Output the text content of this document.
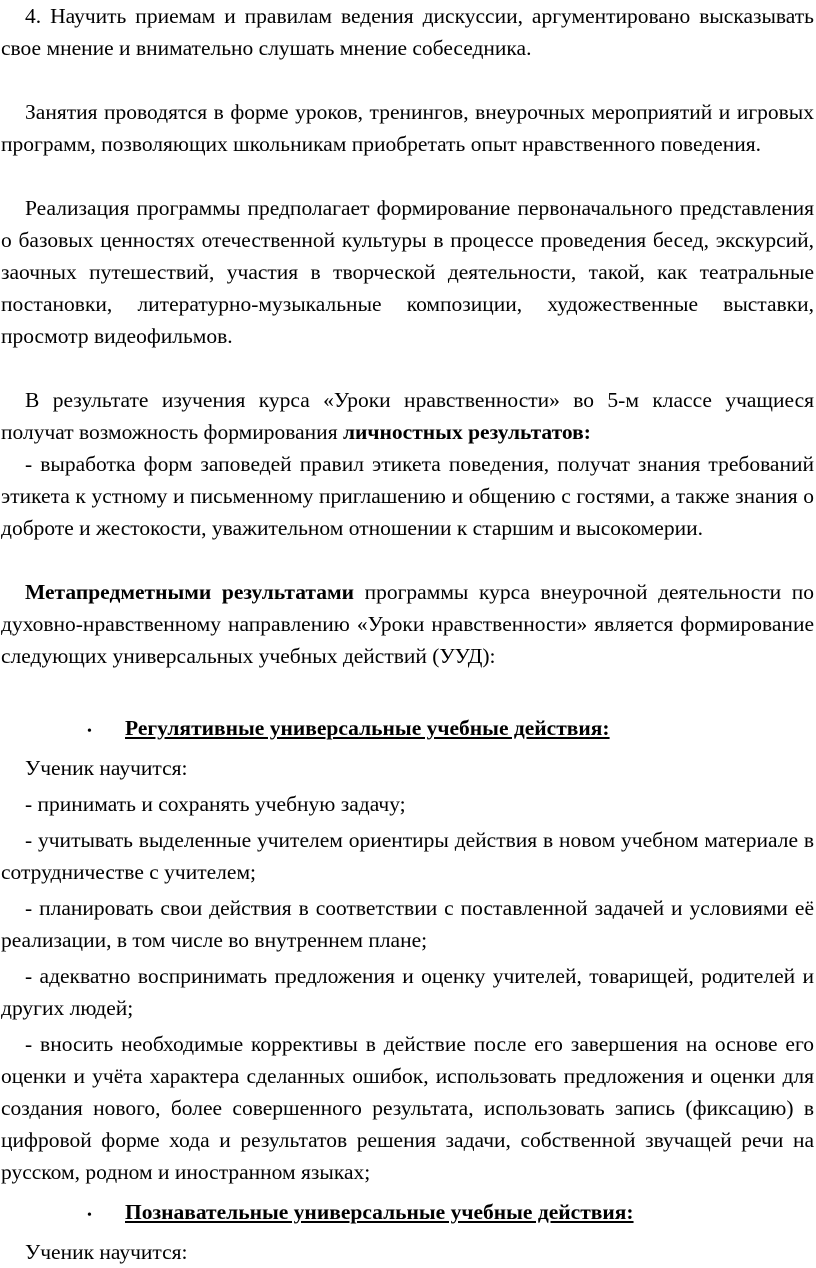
4. Научить приемам и правилам ведения дискуссии, аргументировано высказывать свое мнение и внимательно слушать мнение собеседника.

Занятия проводятся в форме уроков, тренингов, внеурочных мероприятий и игровых программ, позволяющих школьникам приобретать опыт нравственного поведения.

Реализация программы предполагает формирование первоначального представления о базовых ценностях отечественной культуры в процессе проведения бесед, экскурсий, заочных путешествий, участия в творческой деятельности, такой, как театральные постановки, литературно-музыкальные композиции, художественные выставки, просмотр видеофильмов.

В результате изучения курса «Уроки нравственности» во 5-м классе учащиеся получат возможность формирования личностных результатов:

- выработка форм заповедей правил этикета поведения, получат знания требований этикета к устному и письменному приглашению и общению с гостями, а также знания о доброте и жестокости, уважительном отношении к старшим и высокомерии.

Метапредметными результатами программы курса внеурочной деятельности по духовно-нравственному направлению «Уроки нравственности» является формирование следующих универсальных учебных действий (УУД):

•	Регулятивные универсальные учебные действия:

Ученик научится:

- принимать и сохранять учебную задачу;

- учитывать выделенные учителем ориентиры действия в новом учебном материале в сотрудничестве с учителем;

- планировать свои действия в соответствии с поставленной задачей и условиями её реализации, в том числе во внутреннем плане;

- адекватно воспринимать предложения и оценку учителей, товарищей, родителей и других людей;

- вносить необходимые коррективы в действие после его завершения на основе его оценки и учёта характера сделанных ошибок, использовать предложения и оценки для создания нового, более совершенного результата, использовать запись (фиксацию) в цифровой форме хода и результатов решения задачи, собственной звучащей речи на русском, родном и иностранном языках;

•	Познавательные универсальные учебные действия:

Ученик научится:
